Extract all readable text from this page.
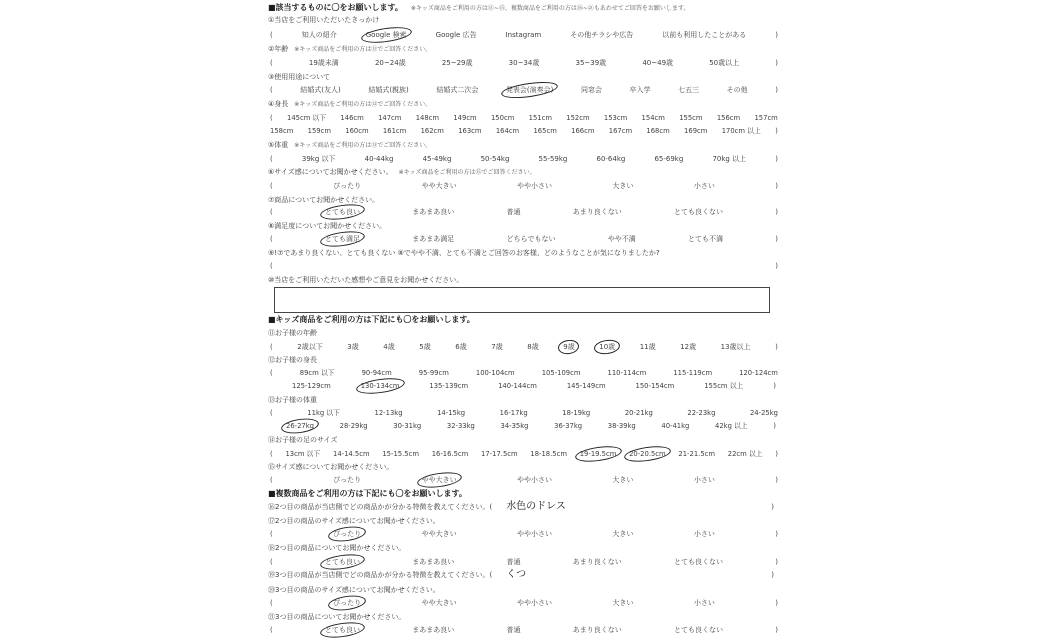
■該当するものに〇をお願いします。 ※キッズ商品をご利用の方は⑪~⑮、複数商品をご利用の方は⑯~㉑もあわせてご回答をお願いします。
①当店をご利用いただいたきっかけ
(	知人の紹介	Google 検索	Google 広告	Instagram	その他チラシや広告	以前も利用したことがある	)
②年齢 ※キッズ商品をご利用の方は⑪でご回答ください。
(	19歳未満	20~24歳	25~29歳	30~34歳	35~39歳	40~49歳	50歳以上	)
③使用用途について
(	結婚式(友人)	結婚式(親族)	結婚式二次会	発表会(演奏会)	同窓会	卒入学	七五三	その他	)
④身長 ※キッズ商品をご利用の方は⑫でご回答ください。
( 145cm 以下 146cm 147cm 148cm 149cm 150cm 151cm 152cm 153cm 154cm 155cm 156cm 157cm
158cm 159cm 160cm 161cm 162cm 163cm 164cm 165cm 166cm 167cm 168cm 169cm 170cm 以上 )
⑤体重 ※キッズ商品をご利用の方は⑬でご回答ください。
(	39kg 以下	40-44kg	45-49kg	50-54kg	55-59kg	60-64kg	65-69kg	70kg 以上	)
⑥サイズ感についてお聞かせください。 ※キッズ商品をご利用の方は⑮でご回答ください。
(	ぴったり	やや大きい	やや小さい	大きい	小さい	)
⑦商品についてお聞かせください。
(	とても良い	まあまあ良い	普通	あまり良くない	とても良くない	)
⑧満足度についてお聞かせください。
(	とても満足	まあまあ満足	どちらでもない	やや不満	とても不満	)
⑨!⑦であまり良くない、とても良くない ⑧でやや不満、とても不満とご回答のお客様、どのようなことが気になりましたか?
(	)
⑩当店をご利用いただいた感想やご意見をお聞かせください。
■キッズ商品をご利用の方は下記にも〇をお願いします。
⑪お子様の年齢
(	2歳以下	3歳	4歳	5歳	6歳	7歳	8歳	9歳	10歳	11歳	12歳	13歳以上	)
⑫お子様の身長
(	89cm 以下	90-94cm	95-99cm	100-104cm	105-109cm	110-114cm	115-119cm	120-124cm
125-129cm	130-134cm	135-139cm	140-144cm	145-149cm	150-154cm	155cm 以上	)
⑬お子様の体重
(	11kg 以下	12-13kg	14-15kg	16-17kg	18-19kg	20-21kg	22-23kg	24-25kg
26-27kg	28-29kg	30-31kg	32-33kg	34-35kg	36-37kg	38-39kg	40-41kg	42kg 以上	)
⑭お子様の足のサイズ
( 13cm 以下 14-14.5cm 15-15.5cm 16-16.5cm 17-17.5cm 18-18.5cm 19-19.5cm 20-20.5cm 21-21.5cm 22cm 以上 )
⑮サイズ感についてお聞かせください。
(	ぴったり	やや大きい	やや小さい	大きい	小さい	)
■複数商品をご利用の方は下記にも〇をお願いします。
⑯2つ目の商品が当店側でどの商品かが分かる特徴を教えてください。( 水色のドレス	)
⑰2つ目の商品のサイズ感についてお聞かせください。
(	ぴったり	やや大きい	やや小さい	大きい	小さい	)
⑱2つ目の商品についてお聞かせください。
(	とても良い	まあまあ良い	普通	あまり良くない	とても良くない	)
⑲3つ目の商品が当店側でどの商品かが分かる特徴を教えてください。( くつ	)
⑳3つ目の商品のサイズ感についてお聞かせください。
(	ぴったり	やや大きい	やや小さい	大きい	小さい	)
㉑3つ目の商品についてお聞かせください。
(	とても良い	まあまあ良い	普通	あまり良くない	とても良くない	)
